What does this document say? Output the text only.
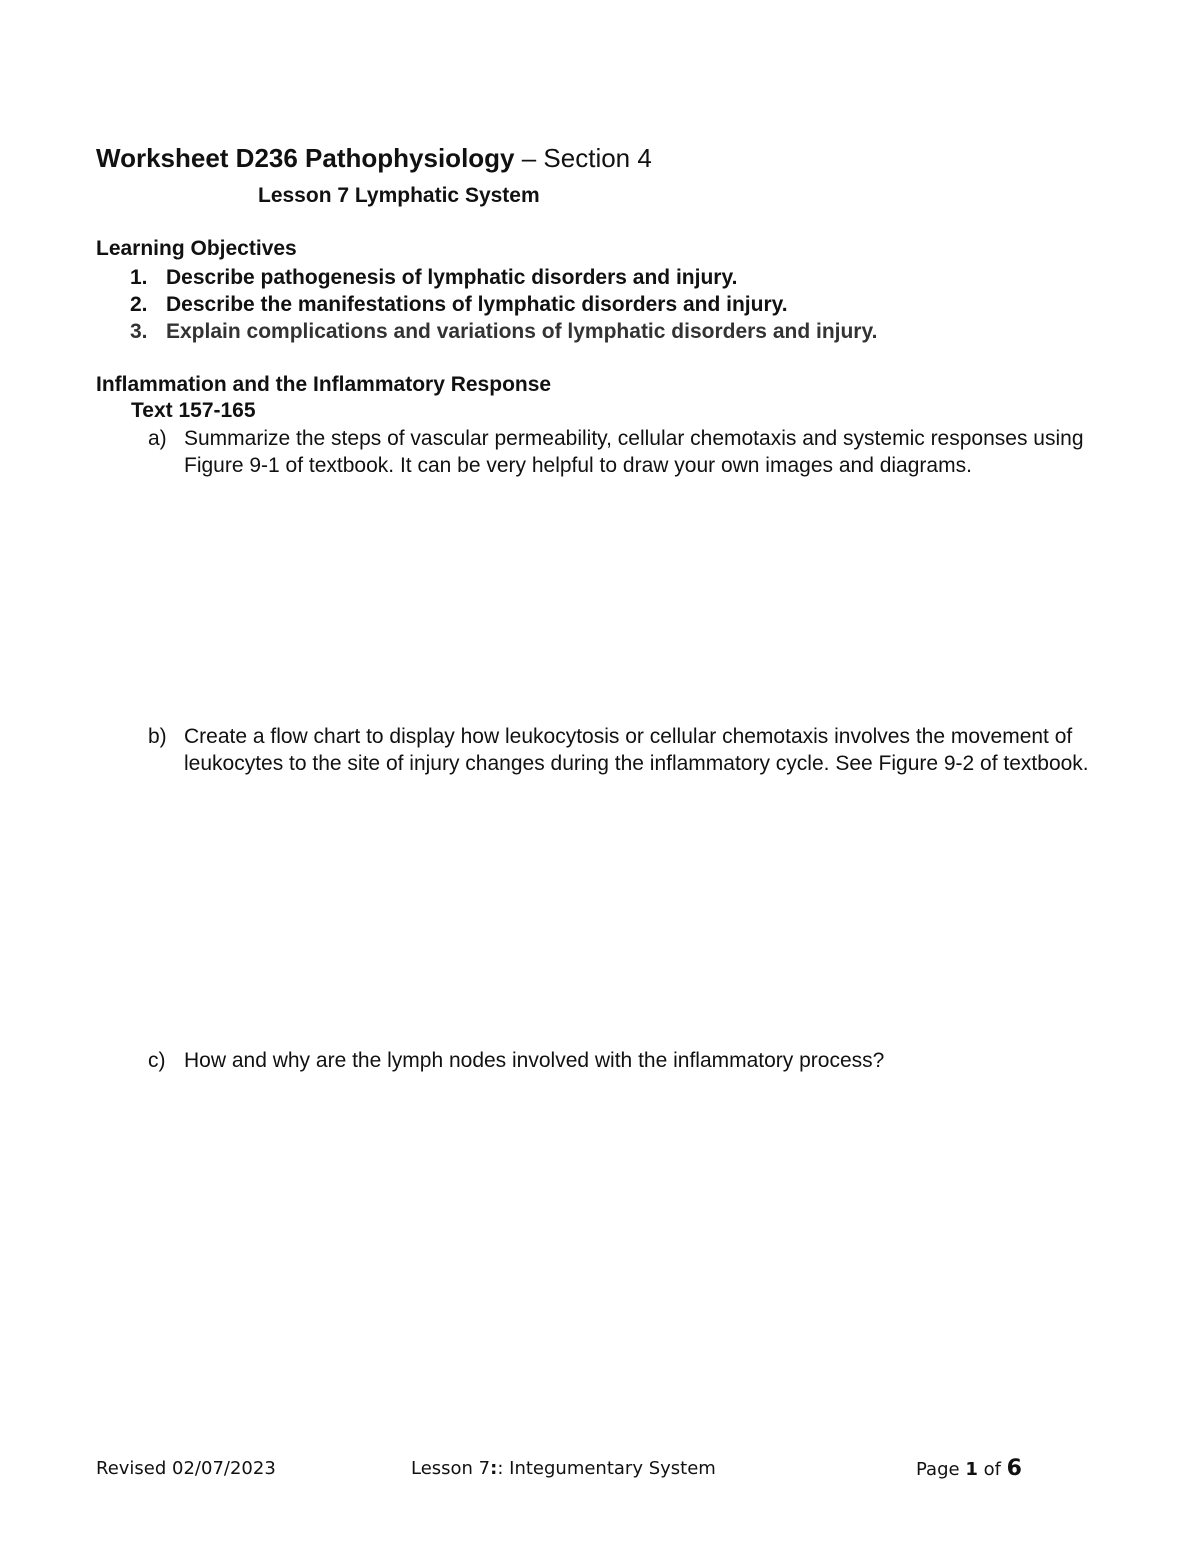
Worksheet D236 Pathophysiology – Section 4
Lesson 7 Lymphatic System
Learning Objectives
1. Describe pathogenesis of lymphatic disorders and injury.
2. Describe the manifestations of lymphatic disorders and injury.
3. Explain complications and variations of lymphatic disorders and injury.
Inflammation and the Inflammatory Response
Text 157-165
a) Summarize the steps of vascular permeability, cellular chemotaxis and systemic responses using Figure 9-1 of textbook. It can be very helpful to draw your own images and diagrams.
b) Create a flow chart to display how leukocytosis or cellular chemotaxis involves the movement of leukocytes to the site of injury changes during the inflammatory cycle. See Figure 9-2 of textbook.
c) How and why are the lymph nodes involved with the inflammatory process?
Revised 02/07/2023	Lesson 7:: Integumentary System	Page 1 of 6
